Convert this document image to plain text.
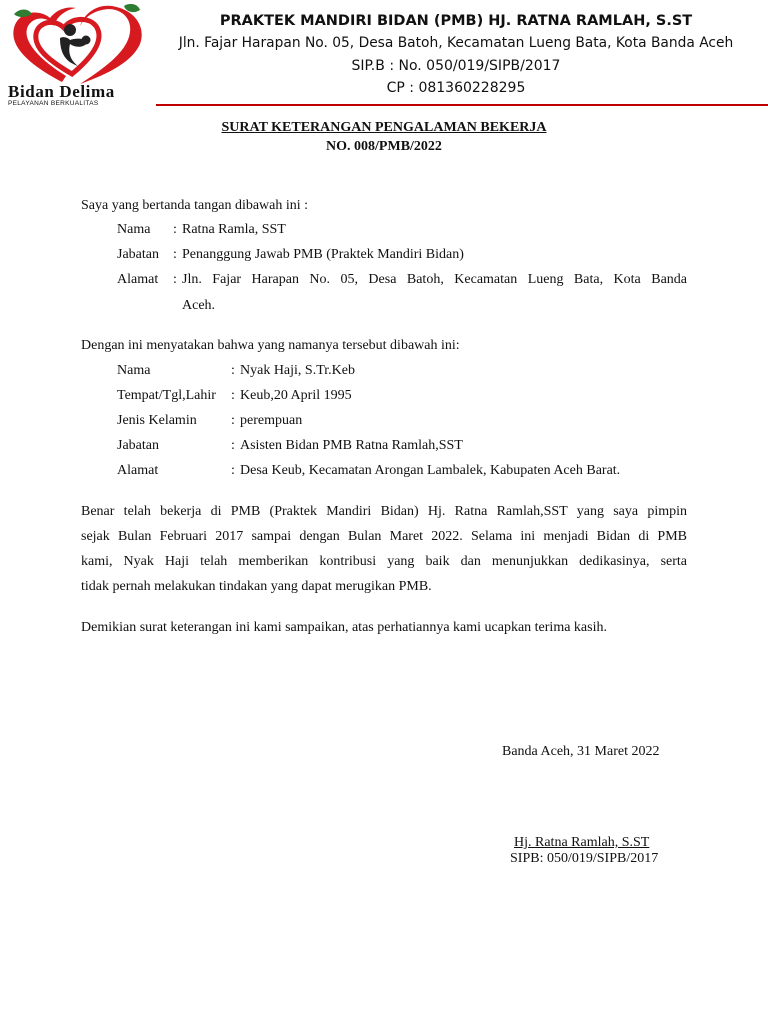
Bidan Delima
PELAYANAN BERKUALITAS
PRAKTEK MANDIRI BIDAN (PMB) HJ. RATNA RAMLAH, S.ST
Jln. Fajar Harapan No. 05, Desa Batoh, Kecamatan Lueng Bata, Kota Banda Aceh
SIP.B : No. 050/019/SIPB/2017
CP : 081360228295
SURAT KETERANGAN PENGALAMAN BEKERJA
NO. 008/PMB/2022
Saya yang bertanda tangan dibawah ini :
Nama : Ratna Ramla, SST
Jabatan : Penanggung Jawab PMB (Praktek Mandiri Bidan)
Alamat : Jln. Fajar Harapan No. 05, Desa Batoh, Kecamatan Lueng Bata, Kota Banda
Aceh.
Dengan ini menyatakan bahwa yang namanya tersebut dibawah ini:
Nama	: Nyak Haji, S.Tr.Keb
Tempat/Tgl,Lahir : Keub,20 April 1995
Jenis Kelamin : perempuan
Jabatan	: Asisten Bidan PMB Ratna Ramlah,SST
Alamat	: Desa Keub, Kecamatan Arongan Lambalek, Kabupaten Aceh Barat.
Benar telah bekerja di PMB (Praktek Mandiri Bidan) Hj. Ratna Ramlah,SST yang saya pimpin
sejak Bulan Februari 2017 sampai dengan Bulan Maret 2022. Selama ini menjadi Bidan di PMB
kami, Nyak Haji telah memberikan kontribusi yang baik dan menunjukkan dedikasinya, serta
tidak pernah melakukan tindakan yang dapat merugikan PMB.
Demikian surat keterangan ini kami sampaikan, atas perhatiannya kami ucapkan terima kasih.
Banda Aceh, 31 Maret 2022
Hj. Ratna Ramlah, S.ST
SIPB: 050/019/SIPB/2017
